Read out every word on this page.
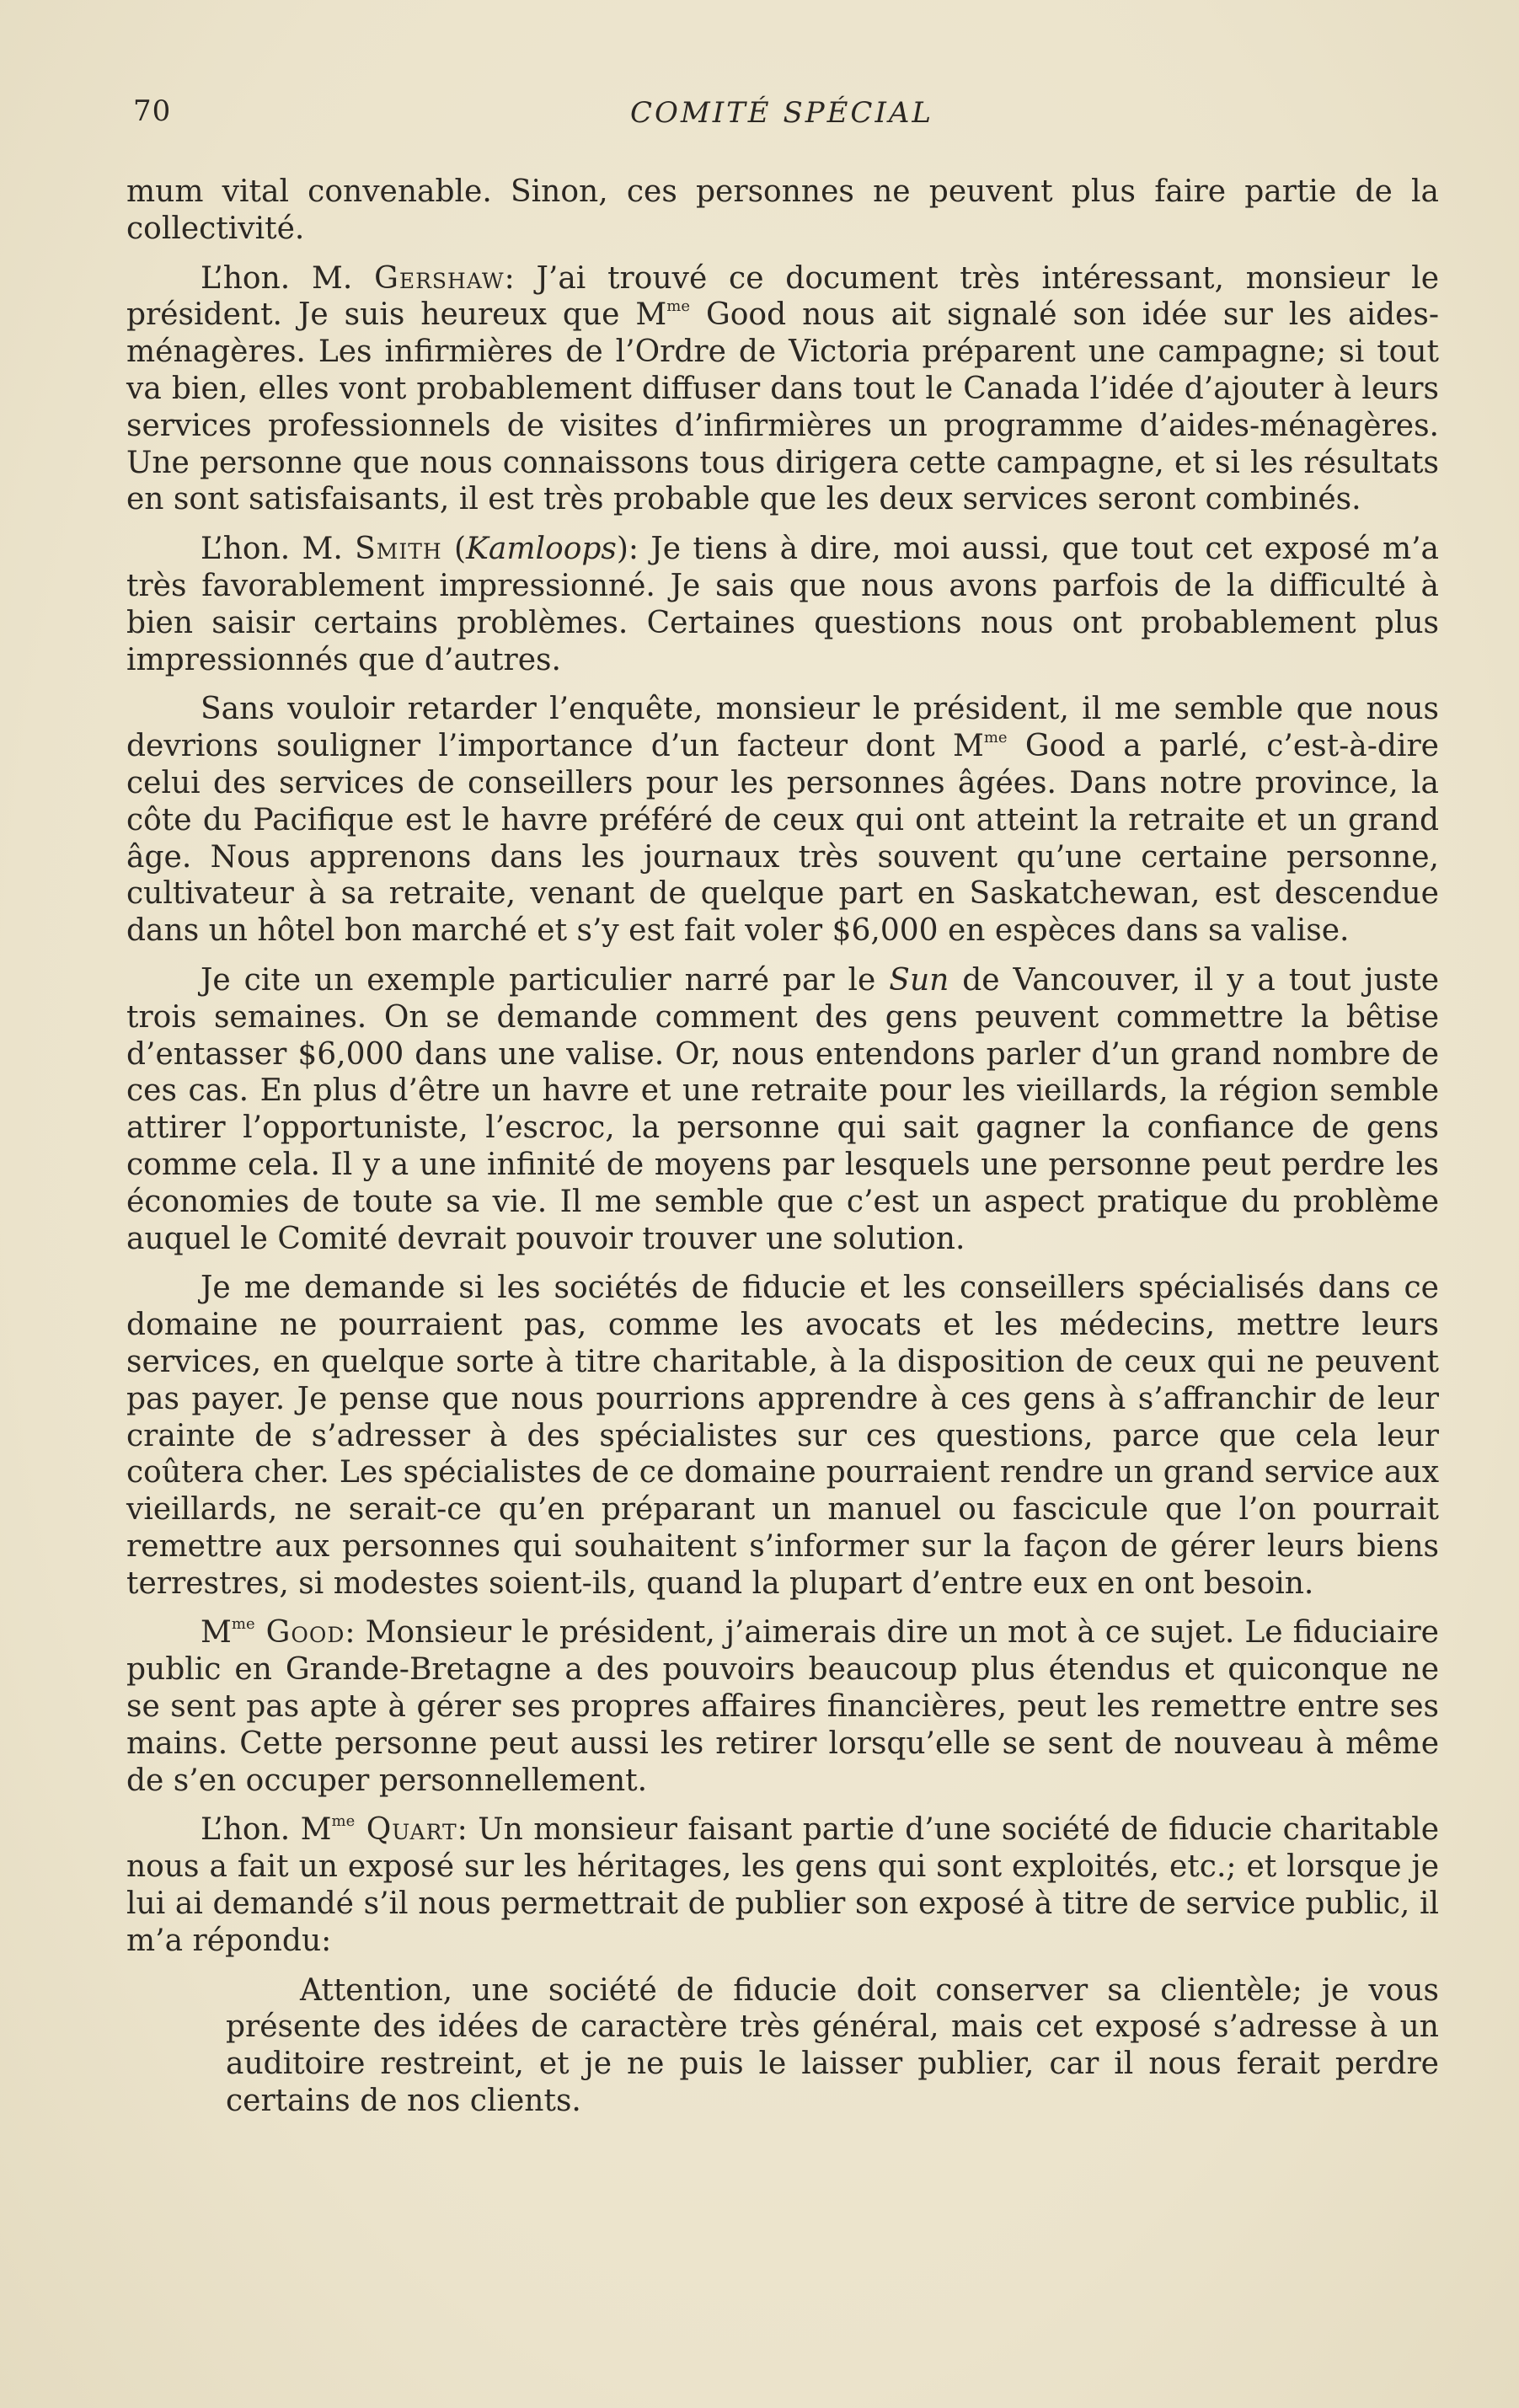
70	COMITÉ SPÉCIAL

mum vital convenable. Sinon, ces personnes ne peuvent plus faire partie de la collectivité.

L’hon. M. Gershaw: J’ai trouvé ce document très intéressant, monsieur le président. Je suis heureux que $M^{me}$ Good nous ait signalé son idée sur les aides-ménagères. Les infirmières de l’Ordre de Victoria préparent une campagne; si tout va bien, elles vont probablement diffuser dans tout le Canada l’idée d’ajouter à leurs services professionnels de visites d’infirmières un programme d’aides-ménagères. Une personne que nous connaissons tous dirigera cette campagne, et si les résultats en sont satisfaisants, il est très probable que les deux services seront combinés.

L’hon. M. Smith (Kamloops): Je tiens à dire, moi aussi, que tout cet exposé m’a très favorablement impressionné. Je sais que nous avons parfois de la difficulté à bien saisir certains problèmes. Certaines questions nous ont probablement plus impressionnés que d’autres.

Sans vouloir retarder l’enquête, monsieur le président, il me semble que nous devrions souligner l’importance d’un facteur dont $M^{me}$ Good a parlé, c’est-à-dire celui des services de conseillers pour les personnes âgées. Dans notre province, la côte du Pacifique est le havre préféré de ceux qui ont atteint la retraite et un grand âge. Nous apprenons dans les journaux très souvent qu’une certaine personne, cultivateur à sa retraite, venant de quelque part en Saskatchewan, est descendue dans un hôtel bon marché et s’y est fait voler $6,000 en espèces dans sa valise.

Je cite un exemple particulier narré par le Sun de Vancouver, il y a tout juste trois semaines. On se demande comment des gens peuvent commettre la bêtise d’entasser $6,000 dans une valise. Or, nous entendons parler d’un grand nombre de ces cas. En plus d’être un havre et une retraite pour les vieillards, la région semble attirer l’opportuniste, l’escroc, la personne qui sait gagner la confiance de gens comme cela. Il y a une infinité de moyens par lesquels une personne peut perdre les économies de toute sa vie. Il me semble que c’est un aspect pratique du problème auquel le Comité devrait pouvoir trouver une solution.

Je me demande si les sociétés de fiducie et les conseillers spécialisés dans ce domaine ne pourraient pas, comme les avocats et les médecins, mettre leurs services, en quelque sorte à titre charitable, à la disposition de ceux qui ne peuvent pas payer. Je pense que nous pourrions apprendre à ces gens à s’affranchir de leur crainte de s’adresser à des spécialistes sur ces questions, parce que cela leur coûtera cher. Les spécialistes de ce domaine pourraient rendre un grand service aux vieillards, ne serait-ce qu’en préparant un manuel ou fascicule que l’on pourrait remettre aux personnes qui souhaitent s’informer sur la façon de gérer leurs biens terrestres, si modestes soient-ils, quand la plupart d’entre eux en ont besoin.

$M^{me}$ Good: Monsieur le président, j’aimerais dire un mot à ce sujet. Le fiduciaire public en Grande-Bretagne a des pouvoirs beaucoup plus étendus et quiconque ne se sent pas apte à gérer ses propres affaires financières, peut les remettre entre ses mains. Cette personne peut aussi les retirer lorsqu’elle se sent de nouveau à même de s’en occuper personnellement.

L’hon. $M^{me}$ Quart: Un monsieur faisant partie d’une société de fiducie charitable nous a fait un exposé sur les héritages, les gens qui sont exploités, etc.; et lorsque je lui ai demandé s’il nous permettrait de publier son exposé à titre de service public, il m’a répondu:

Attention, une société de fiducie doit conserver sa clientèle; je vous présente des idées de caractère très général, mais cet exposé s’adresse à un auditoire restreint, et je ne puis le laisser publier, car il nous ferait perdre certains de nos clients.
